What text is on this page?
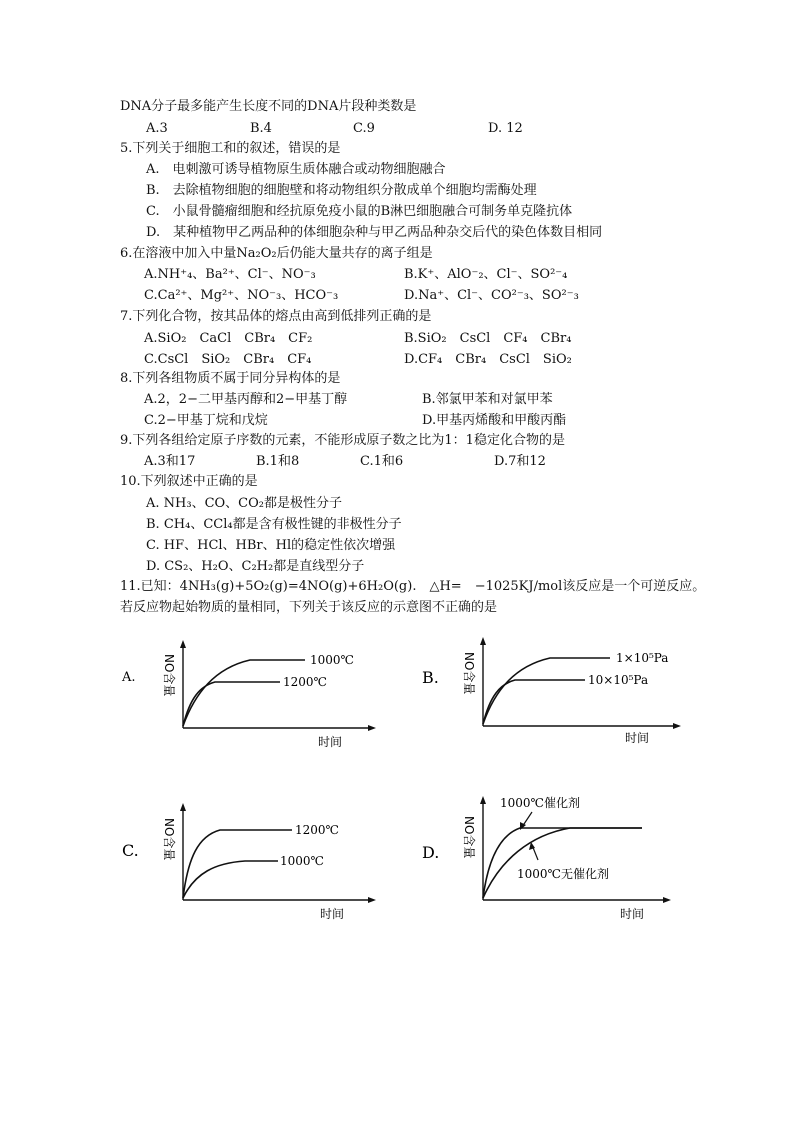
DNA分子最多能产生长度不同的DNA片段种类数是
A.3	B.4	C.9	D. 12
5.下列关于细胞工和的叙述，错误的是
A.　电刺激可诱导植物原生质体融合或动物细胞融合
B.　去除植物细胞的细胞壁和将动物组织分散成单个细胞均需酶处理
C.　小鼠骨髓瘤细胞和经抗原免疫小鼠的B淋巴细胞融合可制务单克隆抗体
D.　某种植物甲乙两品种的体细胞杂种与甲乙两品种杂交后代的染色体数目相同
6.在溶液中加入中量Na₂O₂后仍能大量共存的离子组是
A.NH⁺₄、Ba²⁺、Cl⁻、NO⁻₃	B.K⁺、AlO⁻₂、Cl⁻、SO²⁻₄
C.Ca²⁺、Mg²⁺、NO⁻₃、HCO⁻₃	D.Na⁺、Cl⁻、CO²⁻₃、SO²⁻₃
7.下列化合物，按其品体的熔点由高到低排列正确的是
A.SiO₂　CaCl　CBr₄　CF₂	B.SiO₂　CsCl　CF₄　CBr₄
C.CsCl　SiO₂　CBr₄　CF₄	D.CF₄　CBr₄　CsCl　SiO₂
8.下列各组物质不属于同分异构体的是
A.2，2−二甲基丙醇和2−甲基丁醇	B.邻氯甲苯和对氯甲苯
C.2−甲基丁烷和戊烷	D.甲基丙烯酸和甲酸丙酯
9.下列各组给定原子序数的元素，不能形成原子数之比为1：1稳定化合物的是
A.3和17	B.1和8	C.1和6	D.7和12
10.下列叙述中正确的是
A. NH₃、CO、CO₂都是极性分子
B. CH₄、CCl₄都是含有极性键的非极性分子
C. HF、HCl、HBr、Hl的稳定性依次增强
D. CS₂、H₂O、C₂H₂都是直线型分子
11.已知：4NH₃(g)+5O₂(g)=4NO(g)+6H₂O(g).　△H=　−1025KJ/mol该反应是一个可逆反应。
若反应物起始物质的量相同，下列关于该反应的示意图不正确的是
A. NO含量
时间
1000℃
1200℃	B. NO含量
时间
1×10⁵Pa
10×10⁵Pa
C. NO含量
时间
1200℃
1000℃	D. NO含量
时间
1000℃催化剂
1000℃无催化剂
